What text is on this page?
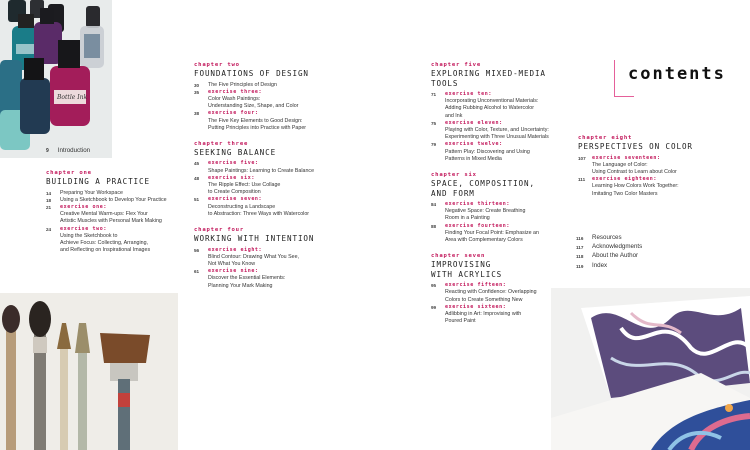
Bottle Ink
9 Introduction
chapter one
BUILDING A PRACTICE
14 Preparing Your Workspace
18 Using a Sketchbook to Develop Your Practice
21 exercise one:
Creative Mental Warm-ups: Flex Your
Artistic Muscles with Personal Mark Making
24 exercise two:
Using the Sketchbook to
Achieve Focus: Collecting, Arranging,
and Reflecting on Inspirational Images
chapter two
FOUNDATIONS OF DESIGN
30 The Five Principles of Design
35 exercise three:
Color Wash Paintings:
Understanding Size, Shape, and Color
38 exercise four:
The Five Key Elements to Good Design:
Putting Principles into Practice with Paper
chapter three
SEEKING BALANCE
45 exercise five:
Shape Paintings: Learning to Create Balance
48 exercise six:
The Ripple Effect: Use Collage
to Create Composition
51 exercise seven:
Deconstructing a Landscape
to Abstraction: Three Ways with Watercolor
chapter four
WORKING WITH INTENTION
56 exercise eight:
Blind Contour: Drawing What You See,
Not What You Know
61 exercise nine:
Discover the Essential Elements:
Planning Your Mark Making
chapter five
EXPLORING MIXED-MEDIA
TOOLS
71 exercise ten:
Incorporating Unconventional Materials:
Adding Rubbing Alcohol to Watercolor
and Ink
75 exercise eleven:
Playing with Color, Texture, and Uncertainty:
Experimenting with Three Unusual Materials
79 exercise twelve:
Pattern Play: Discovering and Using
Patterns in Mixed Media
chapter six
SPACE, COMPOSITION,
AND FORM
84 exercise thirteen:
Negative Space: Create Breathing
Room in a Painting
88 exercise fourteen:
Finding Your Focal Point: Emphasize an
Area with Complementary Colors
chapter seven
IMPROVISING
WITH ACRYLICS
95 exercise fifteen:
Reacting with Confidence: Overlapping
Colors to Create Something New
99 exercise sixteen:
Adlibbing in Art: Improvising with
Poured Paint
contents
chapter eight
PERSPECTIVES ON COLOR
107 exercise seventeen:
The Language of Color:
Using Contrast to Learn about Color
111 exercise eighteen:
Learning How Colors Work Together:
Imitating Two Color Masters
116 Resources
117 Acknowledgments
118 About the Author
119 Index
